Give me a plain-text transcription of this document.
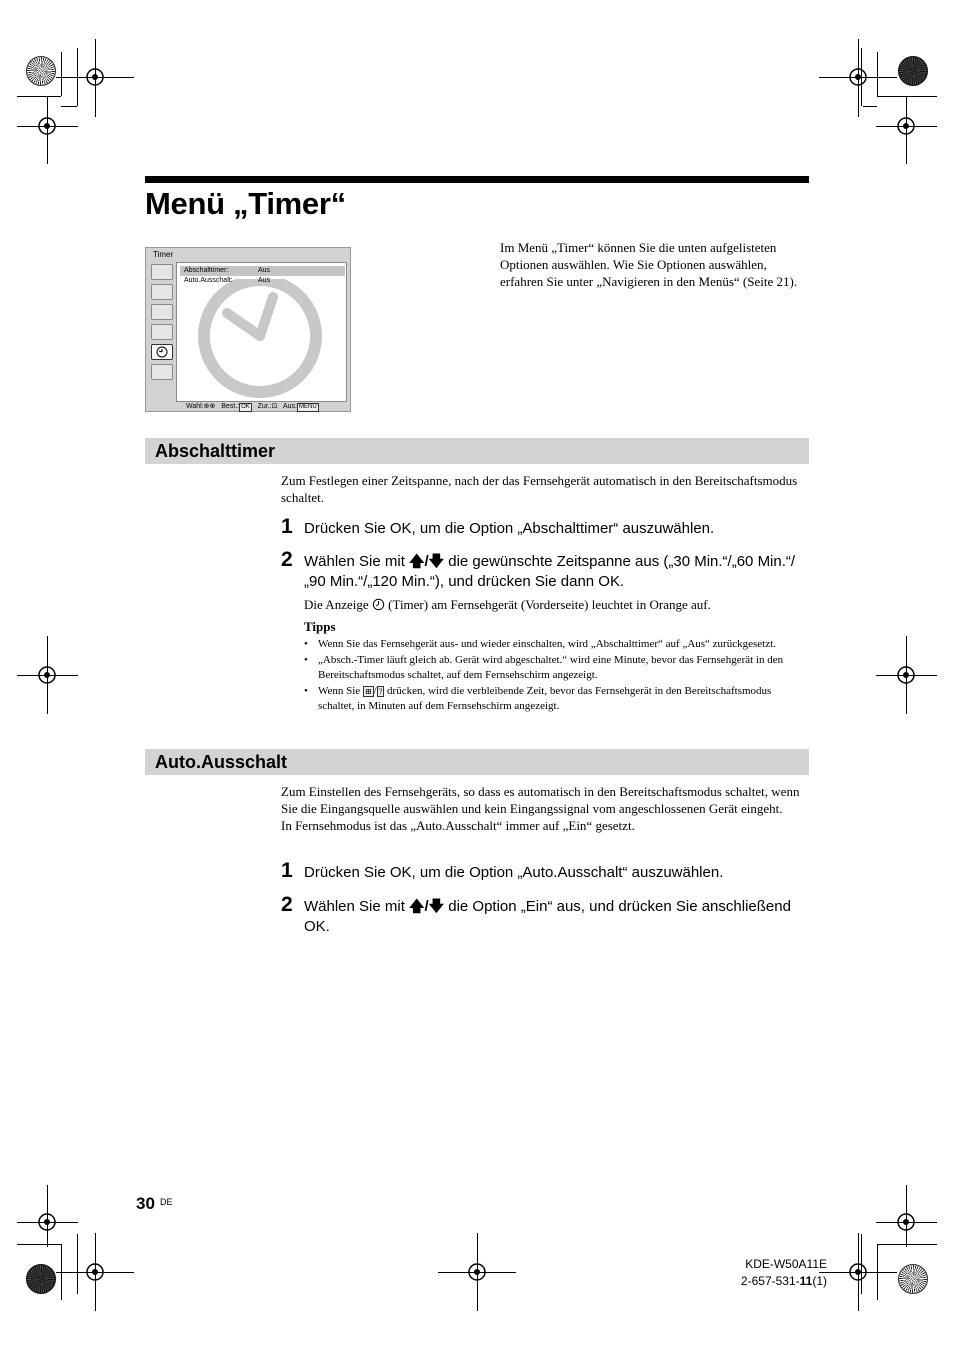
Menü „Timer“
Timer
Abschalttimer:	Aus
Auto.Ausschalt:	Aus
Wahl:⊕⊕ Best.: OK Zur.:⊡ Aus: MENU
Im Menü „Timer“ können Sie die unten aufgelisteten Optionen auswählen. Wie Sie Optionen auswählen, erfahren Sie unter „Navigieren in den Menüs“ (Seite 21).
Abschalttimer
Zum Festlegen einer Zeitspanne, nach der das Fernsehgerät automatisch in den Bereitschaftsmodus schaltet.
1 Drücken Sie OK, um die Option „Abschalttimer“ auszuwählen.
2 Wählen Sie mit 🡅/🡇 die gewünschte Zeitspanne aus („30 Min.“/„60 Min.“/„90 Min.“/„120 Min.“), und drücken Sie dann OK.
Die Anzeige (Timer) am Fernsehgerät (Vorderseite) leuchtet in Orange auf.
Tipps
• Wenn Sie das Fernsehgerät aus- und wieder einschalten, wird „Abschalttimer“ auf „Aus“ zurückgesetzt.
• „Absch.-Timer läuft gleich ab. Gerät wird abgeschaltet.“ wird eine Minute, bevor das Fernsehgerät in den Bereitschaftsmodus schaltet, auf dem Fernsehschirm angezeigt.
• Wenn Sie ⊞ / ? drücken, wird die verbleibende Zeit, bevor das Fernsehgerät in den Bereitschaftsmodus schaltet, in Minuten auf dem Fernsehschirm angezeigt.
Auto.Ausschalt
Zum Einstellen des Fernsehgeräts, so dass es automatisch in den Bereitschaftsmodus schaltet, wenn Sie die Eingangsquelle auswählen und kein Eingangssignal vom angeschlossenen Gerät eingeht.
In Fernsehmodus ist das „Auto.Ausschalt“ immer auf „Ein“ gesetzt.
1 Drücken Sie OK, um die Option „Auto.Ausschalt“ auszuwählen.
2 Wählen Sie mit 🡅/🡇 die Option „Ein“ aus, und drücken Sie anschließend OK.
30 DE
KDE-W50A11E
2-657-531-11(1)
